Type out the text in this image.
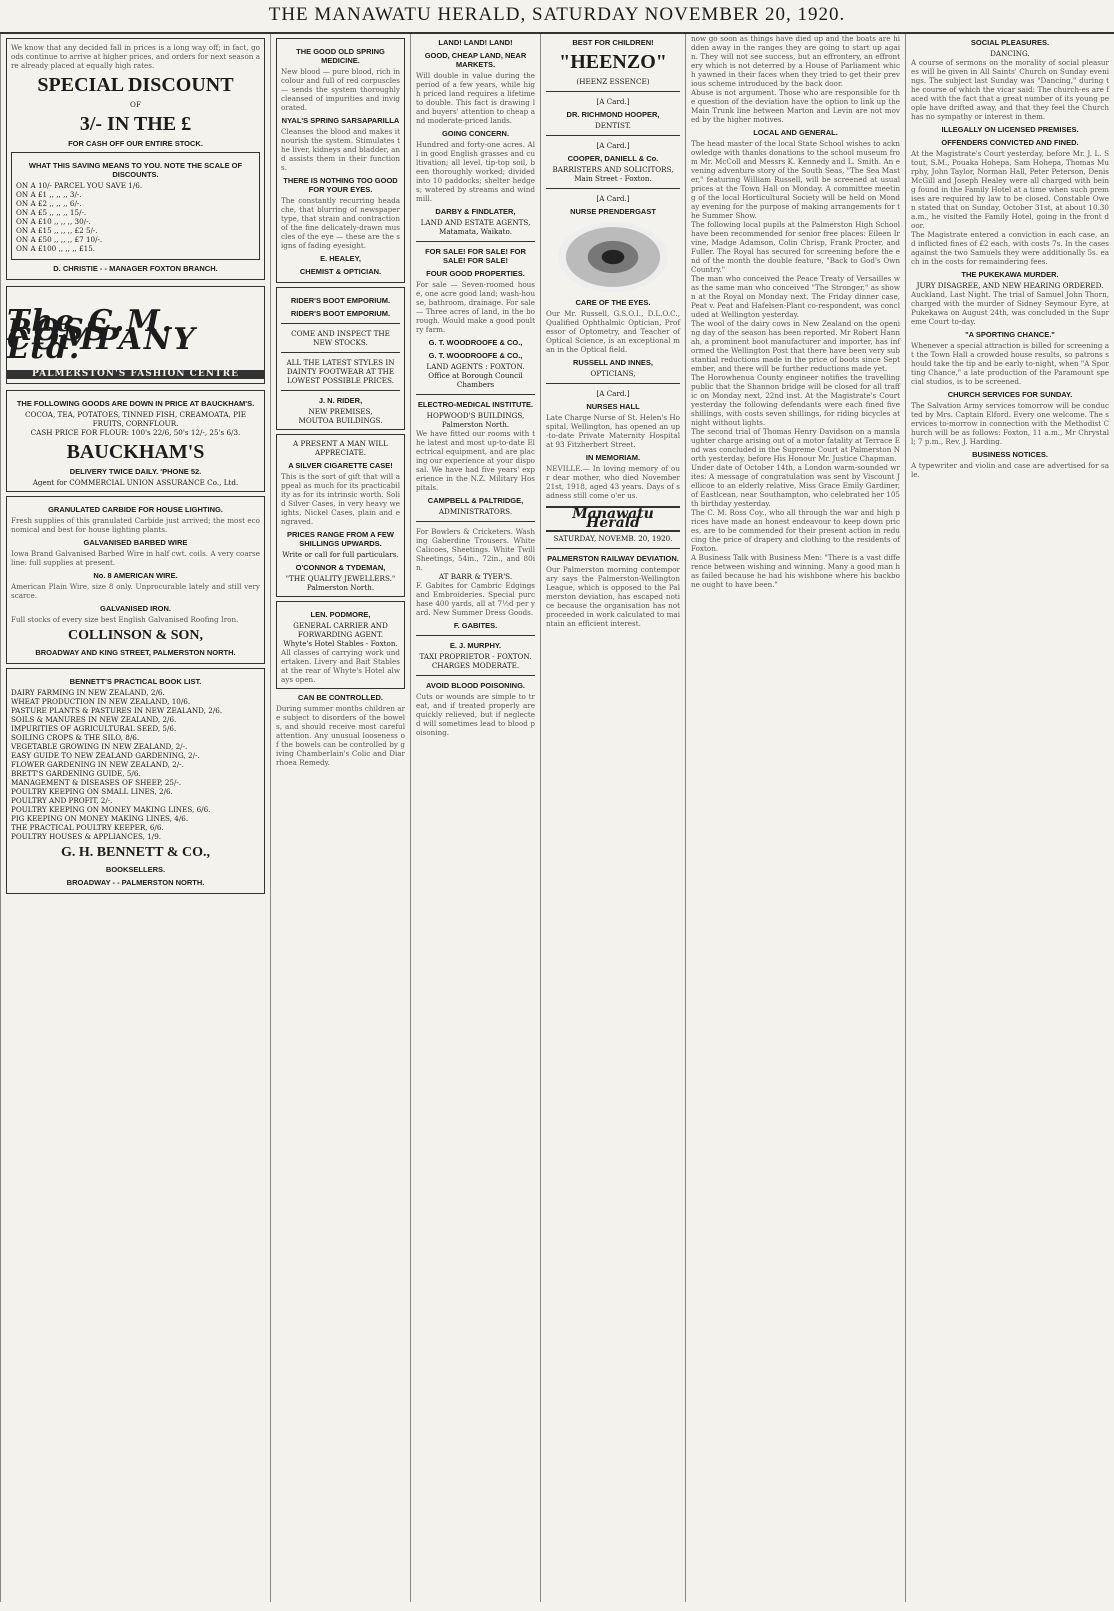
THE MANAWATU HERALD, SATURDAY NOVEMBER 20, 1920.
We know that any decided fall in prices is a long way off; in fact, goods continue to arrive at higher prices, and orders for next season are already placed at equally high rates.
SPECIAL DISCOUNT
OF
3/- IN THE £
FOR CASH OFF OUR ENTIRE STOCK.
WHAT THIS SAVING MEANS TO YOU. NOTE THE SCALE OF DISCOUNTS.
ON A 10/- PARCEL YOU SAVE 1/6.
ON A £1 ,, ,, ,, 3/-.
ON A £2 ,, ,, ,, 6/-.
ON A £5 ,, ,, ,, 15/-.
ON A £10 ,, ,, ,, 30/-.
ON A £15 ,, ,, ,, £2 5/-.
ON A £50 ,, ,, ,, £7 10/-.
ON A £100 ,, ,, ,, £15.
D. CHRISTIE - - MANAGER FOXTON BRANCH.
The C.M. ROSS COMPANY Ltd.
PALMERSTON'S FASHION CENTRE
THE FOLLOWING GOODS ARE DOWN IN PRICE AT BAUCKHAM'S.
COCOA, TEA, POTATOES, TINNED FISH, CREAMOATA, PIE FRUITS, CORNFLOUR.
CASH PRICE FOR FLOUR: 100's 22/6, 50's 12/-, 25's 6/3.
BAUCKHAM'S
DELIVERY TWICE DAILY. 'PHONE 52.
Agent for COMMERCIAL UNION ASSURANCE Co., Ltd.
GRANULATED CARBIDE FOR HOUSE LIGHTING.
Fresh supplies of this granulated Carbide just arrived; the most economical and best for house lighting plants.
GALVANISED BARBED WIRE
Iowa Brand Galvanised Barbed Wire in half cwt. coils. A very coarse line: full supplies at present.
No. 8 AMERICAN WIRE.
American Plain Wire, size 8 only. Unprocurable lately and still very scarce.
GALVANISED IRON.
Full stocks of every size best English Galvanised Roofing Iron.
COLLINSON & SON,
BROADWAY AND KING STREET, PALMERSTON NORTH.
BENNETT'S PRACTICAL BOOK LIST.
DAIRY FARMING IN NEW ZEALAND, 2/6.
WHEAT PRODUCTION IN NEW ZEALAND, 10/6.
PASTURE PLANTS & PASTURES IN NEW ZEALAND, 2/6.
SOILS & MANURES IN NEW ZEALAND, 2/6.
IMPURITIES OF AGRICULTURAL SEED, 5/6.
SOILING CROPS & THE SILO, 8/6.
VEGETABLE GROWING IN NEW ZEALAND, 2/-.
EASY GUIDE TO NEW ZEALAND GARDENING, 2/-.
FLOWER GARDENING IN NEW ZEALAND, 2/-.
BRETT'S GARDENING GUIDE, 5/6.
MANAGEMENT & DISEASES OF SHEEP, 25/-.
POULTRY KEEPING ON SMALL LINES, 2/6.
POULTRY AND PROFIT, 2/-.
POULTRY KEEPING ON MONEY MAKING LINES, 6/6.
PIG KEEPING ON MONEY MAKING LINES, 4/6.
THE PRACTICAL POULTRY KEEPER, 6/6.
POULTRY HOUSES & APPLIANCES, 1/9.
G. H. BENNETT & CO.,
BOOKSELLERS.
BROADWAY - - PALMERSTON NORTH.
THE GOOD OLD SPRING MEDICINE.
New blood — pure blood, rich in colour and full of red corpuscles — sends the system thoroughly cleansed of impurities and invigorated.
NYAL'S SPRING SARSAPARILLA
Cleanses the blood and makes it nourish the system. Stimulates the liver, kidneys and bladder, and assists them in their functions.
THERE IS NOTHING TOO GOOD FOR YOUR EYES.
The constantly recurring headache, that blurring of newspaper type, that strain and contraction of the fine delicately-drawn muscles of the eye — these are the signs of fading eyesight.
E. HEALEY,
CHEMIST & OPTICIAN.
RIDER'S BOOT EMPORIUM.
RIDER'S BOOT EMPORIUM.
COME AND INSPECT THE NEW STOCKS.
ALL THE LATEST STYLES IN DAINTY FOOTWEAR AT THE LOWEST POSSIBLE PRICES.
J. N. RIDER,
NEW PREMISES,
MOUTOA BUILDINGS.
A PRESENT A MAN WILL APPRECIATE.
A SILVER CIGARETTE CASE!
This is the sort of gift that will appeal as much for its practicability as for its intrinsic worth. Solid Silver Cases, in very heavy weights, Nickel Cases, plain and engraved.
PRICES RANGE FROM A FEW SHILLINGS UPWARDS.
Write or call for full particulars.
O'CONNOR & TYDEMAN,
"THE QUALITY JEWELLERS."
Palmerston North.
LEN. PODMORE,
GENERAL CARRIER AND FORWARDING AGENT.
Whyte's Hotel Stables - Foxton.
All classes of carrying work undertaken. Livery and Bait Stables at the rear of Whyte's Hotel always open.
CAN BE CONTROLLED.
During summer months children are subject to disorders of the bowels, and should receive most careful attention. Any unusual looseness of the bowels can be controlled by giving Chamberlain's Colic and Diarrhoea Remedy.
LAND! LAND! LAND!
GOOD, CHEAP LAND, NEAR MARKETS.
Will double in value during the period of a few years, while high priced land requires a lifetime to double. This fact is drawing land buyers' attention to cheap and moderate-priced lands.
GOING CONCERN.
Hundred and forty-one acres. All in good English grasses and cultivation; all level, tip-top soil, been thoroughly worked; divided into 10 paddocks; shelter hedges; watered by streams and windmill.
DARBY & FINDLATER,
LAND AND ESTATE AGENTS, Matamata, Waikato.
FOR SALE! FOR SALE! FOR SALE! FOR SALE!
FOUR GOOD PROPERTIES.
For sale — Seven-roomed house, one acre good land; wash-house, bathroom, drainage. For sale — Three acres of land, in the borough. Would make a good poultry farm.
G. T. WOODROOFE & CO.,
G. T. WOODROOFE & CO.,
LAND AGENTS : FOXTON.
Office at Borough Council Chambers
ELECTRO-MEDICAL INSTITUTE.
HOPWOOD'S BUILDINGS, Palmerston North.
We have fitted our rooms with the latest and most up-to-date Electrical equipment, and are placing our experience at your disposal. We have had five years' experience in the N.Z. Military Hospitals.
CAMPBELL & PALTRIDGE,
ADMINISTRATORS.
For Bowlers & Cricketers. Washing Gaberdine Trousers. White Calicoes, Sheetings. White Twill Sheetings, 54in., 72in., and 80in.
AT BARR & TYER'S.
F. Gabites for Cambric Edgings and Embroideries. Special purchase 400 yards, all at 7½d per yard. New Summer Dress Goods.
F. GABITES.
E. J. MURPHY.
TAXI PROPRIETOR - FOXTON. CHARGES MODERATE.
AVOID BLOOD POISONING.
Cuts or wounds are simple to treat, and if treated properly are quickly relieved, but if neglected will sometimes lead to blood poisoning.
BEST FOR CHILDREN!
"HEENZO"
(HEENZ ESSENCE)
[A Card.]
DR. RICHMOND HOOPER,
DENTIST.
[A Card.]
COOPER, DANIELL & Co.
BARRISTERS AND SOLICITORS,
Main Street - Foxton.
[A Card.]
NURSE PRENDERGAST
CARE OF THE EYES.
Our Mr. Russell, G.S.O.I., D.L.O.C., Qualified Ophthalmic Optician, Professor of Optometry, and Teacher of Optical Science, is an exceptional man in the Optical field.
RUSSELL AND INNES,
OPTICIANS,
[A Card.]
NURSES HALL
Late Charge Nurse of St. Helen's Hospital, Wellington, has opened an up-to-date Private Maternity Hospital at 93 Fitzherbert Street.
IN MEMORIAM.
NEVILLE.— In loving memory of our dear mother, who died November 21st, 1918, aged 43 years. Days of sadness still come o'er us.
Manawatu Herald
SATURDAY, NOVEMB. 20, 1920.
PALMERSTON RAILWAY DEVIATION.
Our Palmerston morning contemporary says the Palmerston-Wellington League, which is opposed to the Palmerston deviation, has escaped notice because the organisation has not proceeded in work calculated to maintain an efficient interest.
now go soon as things have died up and the boats are hidden away in the ranges they are going to start up again. They will not see success, but an effrontery, an effrontery which is not deterred by a House of Parliament which yawned in their faces when they tried to get their previous scheme introduced by the back door.
Abuse is not argument. Those who are responsible for the question of the deviation have the option to link up the Main Trunk line between Marton and Levin are not moved by the higher motives.
LOCAL AND GENERAL.
The head master of the local State School wishes to acknowledge with thanks donations to the school museum from Mr. McColl and Messrs K. Kennedy and L. Smith. An evening adventure story of the South Seas, "The Sea Master," featuring William Russell, will be screened at usual prices at the Town Hall on Monday. A committee meeting of the local Horticultural Society will be held on Monday evening for the purpose of making arrangements for the Summer Show.
The following local pupils at the Palmerston High School have been recommended for senior free places: Eileen Irvine, Madge Adamson, Colin Chrisp, Frank Procter, and Fuller. The Royal has secured for screening before the end of the month the double feature, "Back to God's Own Country."
The man who conceived the Peace Treaty of Versailles was the same man who conceived "The Stronger," as shown at the Royal on Monday next. The Friday dinner case, Peat v. Peat and Hafelsen-Plant co-respondent, was concluded at Wellington yesterday.
The wool of the dairy cows in New Zealand on the opening day of the season has been reported. Mr Robert Hannah, a prominent boot manufacturer and importer, has informed the Wellington Post that there have been very substantial reductions made in the price of boots since September, and there will be further reductions made yet.
The Horowhenua County engineer notifies the travelling public that the Shannon bridge will be closed for all traffic on Monday next, 22nd inst. At the Magistrate's Court yesterday the following defendants were each fined five shillings, with costs seven shillings, for riding bicycles at night without lights.
The second trial of Thomas Henry Davidson on a manslaughter charge arising out of a motor fatality at Terrace End was concluded in the Supreme Court at Palmerston North yesterday, before His Honour Mr. Justice Chapman.
Under date of October 14th, a London warm-sounded writes: A message of congratulation was sent by Viscount Jellicoe to an elderly relative, Miss Grace Emily Gardiner, of Eastlcean, near Southampton, who celebrated her 105th birthday yesterday.
The C. M. Ross Coy., who all through the war and high prices have made an honest endeavour to keep down prices, are to be commended for their present action in reducing the price of drapery and clothing to the residents of Foxton.
A Business Talk with Business Men: "There is a vast difference between wishing and winning. Many a good man has failed because he had his wishbone where his backbone ought to have been."
SOCIAL PLEASURES.
DANCING.
A course of sermons on the morality of social pleasures will be given in All Saints' Church on Sunday evenings. The subject last Sunday was "Dancing," during the course of which the vicar said: The church-es are faced with the fact that a great number of its young people have drifted away, and that they feel the Church has no sympathy or interest in them.
ILLEGALLY ON LICENSED PREMISES.
OFFENDERS CONVICTED AND FINED.
At the Magistrate's Court yesterday, before Mr. J. L. Stout, S.M., Pouaka Hohepa, Sam Hohepa, Thomas Murphy, John Taylor, Norman Hall, Peter Peterson, Denis McGill and Joseph Healey were all charged with being found in the Family Hotel at a time when such premises are required by law to be closed. Constable Owen stated that on Sunday, October 31st, at about 10.30 a.m., he visited the Family Hotel, going in the front door.
The Magistrate entered a conviction in each case, and inflicted fines of £2 each, with costs 7s. In the cases against the two Samuels they were additionally 5s. each in the costs for remaindering fees.
THE PUKEKAWA MURDER.
JURY DISAGREE, AND NEW HEARING ORDERED.
Auckland, Last Night. The trial of Samuel John Thorn, charged with the murder of Sidney Seymour Eyre, at Pukekawa on August 24th, was concluded in the Supreme Court to-day.
"A SPORTING CHANCE."
Whenever a special attraction is billed for screening at the Town Hall a crowded house results, so patrons should take the tip and be early to-night, when "A Sporting Chance," a late production of the Paramount special studios, is to be screened.
CHURCH SERVICES FOR SUNDAY.
The Salvation Army services tomorrow will be conducted by Mrs. Captain Elford. Every one welcome. The services to-morrow in connection with the Methodist Church will be as follows: Foxton, 11 a.m., Mr Chrystall; 7 p.m., Rev. J. Harding.
BUSINESS NOTICES.
A typewriter and violin and case are advertised for sale.
